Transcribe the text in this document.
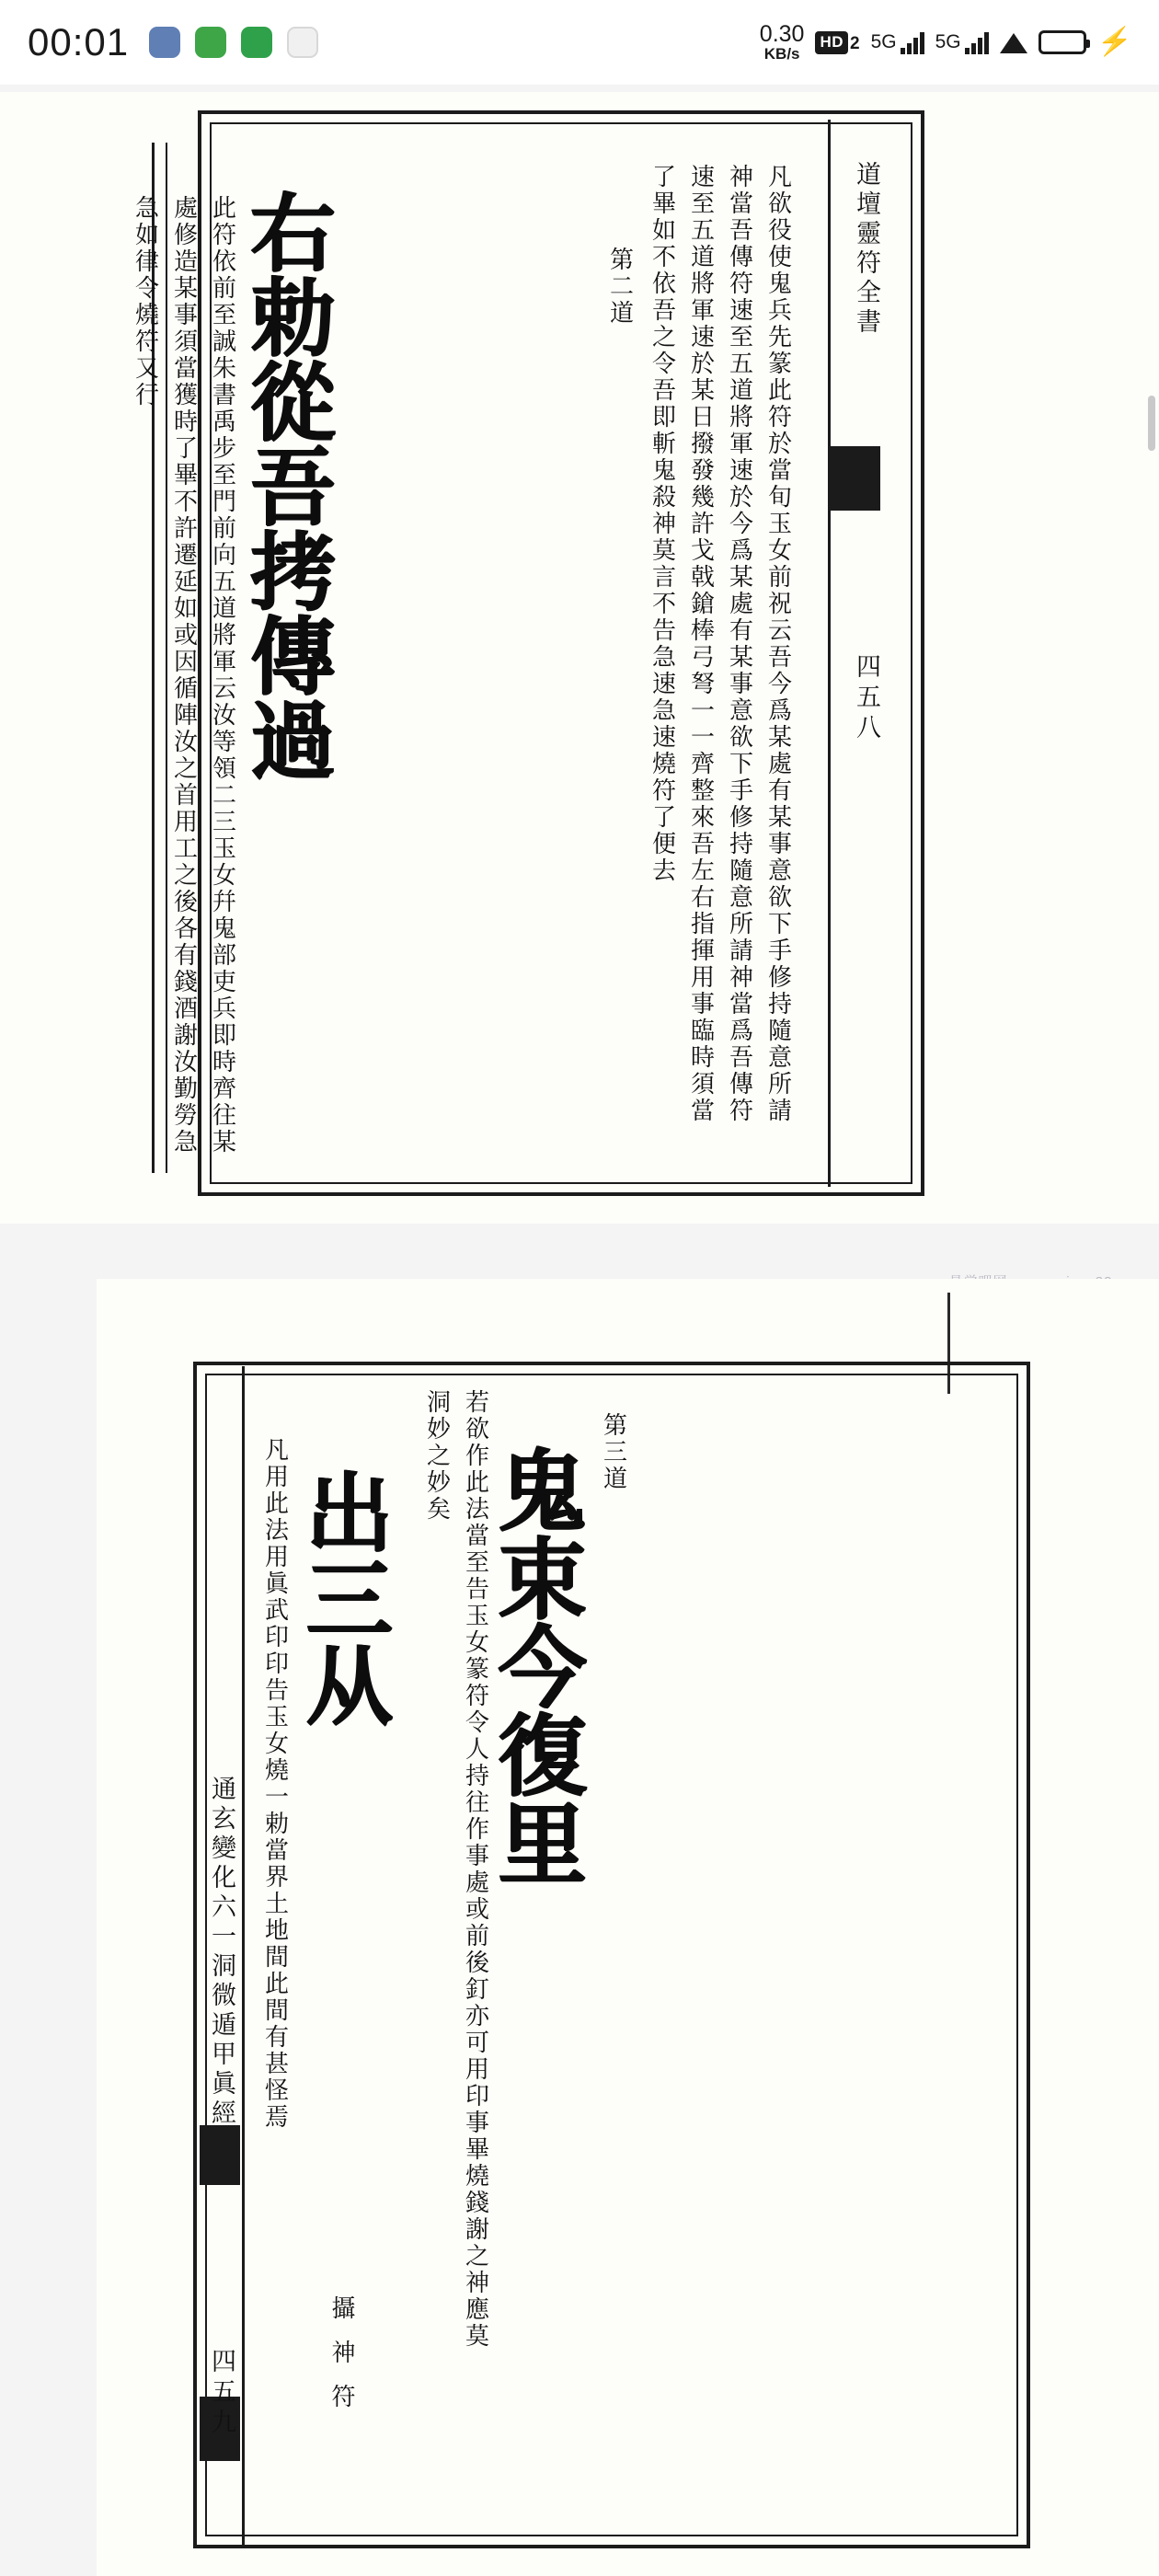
00:01	0.30
KB/s
HD 2 5G 5G	⚡
道壇靈符全書
四五八
凡欲役使鬼兵先篆此符於當旬玉女前祝云吾今爲某處有某事意欲下手修持隨意所請
神當吾傳符速至五道將軍速於今爲某處有某事意欲下手修持隨意所請神當爲吾傳符
速至五道將軍速於某日撥發幾許戈戟鎗棒弓弩一一齊整來吾左右指揮用事臨時須當
了畢如不依吾之令吾即斬鬼殺神莫言不告急速急速燒符了便去
第二道
右勅從吾拷傳過
此符依前至誠朱書禹步至門前向五道將軍云汝等領二三玉女幷鬼部吏兵即時齊往某
處修造某事須當獲時了畢不許遷延如或因循陣汝之首用工之後各有錢酒謝汝勤勞急
急如律令燒符又行
通玄變化六一洞微遁甲眞經
四五九
第三道
若欲作此法當至告玉女篆符令人持往作事處或前後釘亦可用印事畢燒錢謝之神應莫
洞妙之妙矣 鬼束今復里
出三从
攝神符
凡用此法用眞武印印告玉女燒一勅當界土地間此間有甚怪焉
